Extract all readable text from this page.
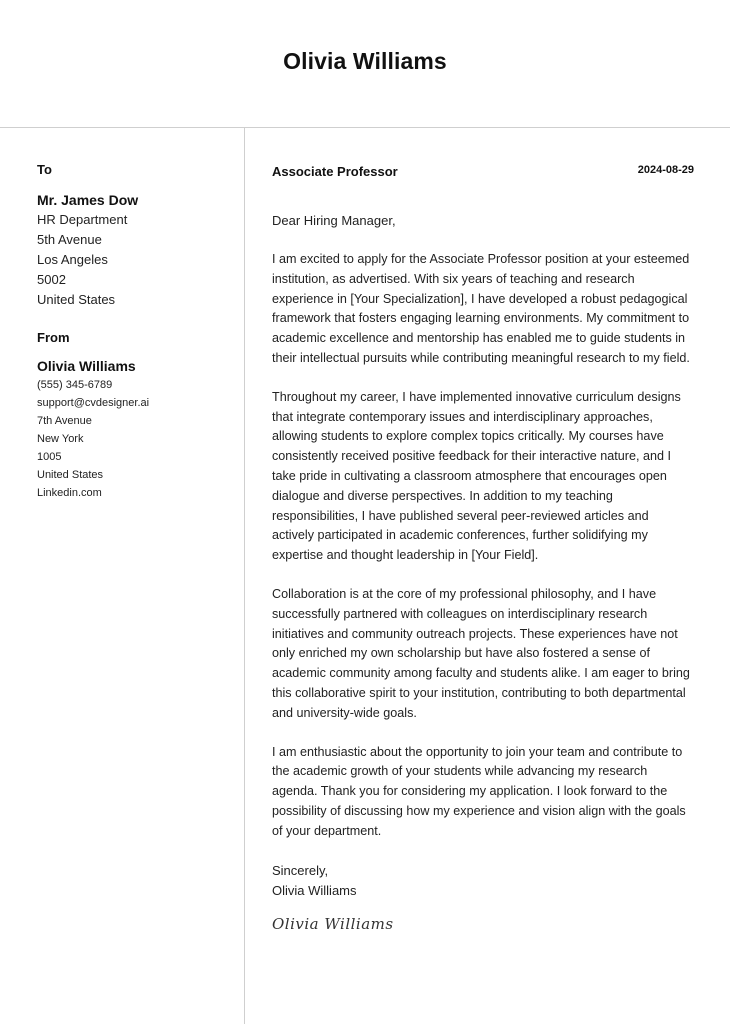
Olivia Williams
To
Mr. James Dow
HR Department
5th Avenue
Los Angeles
5002
United States
From
Olivia Williams
(555) 345-6789
support@cvdesigner.ai
7th Avenue
New York
1005
United States
Linkedin.com
Associate Professor	2024-08-29
Dear Hiring Manager,
I am excited to apply for the Associate Professor position at your esteemed institution, as advertised. With six years of teaching and research experience in [Your Specialization], I have developed a robust pedagogical framework that fosters engaging learning environments. My commitment to academic excellence and mentorship has enabled me to guide students in their intellectual pursuits while contributing meaningful research to my field.
Throughout my career, I have implemented innovative curriculum designs that integrate contemporary issues and interdisciplinary approaches, allowing students to explore complex topics critically. My courses have consistently received positive feedback for their interactive nature, and I take pride in cultivating a classroom atmosphere that encourages open dialogue and diverse perspectives. In addition to my teaching responsibilities, I have published several peer-reviewed articles and actively participated in academic conferences, further solidifying my expertise and thought leadership in [Your Field].
Collaboration is at the core of my professional philosophy, and I have successfully partnered with colleagues on interdisciplinary research initiatives and community outreach projects. These experiences have not only enriched my own scholarship but have also fostered a sense of academic community among faculty and students alike. I am eager to bring this collaborative spirit to your institution, contributing to both departmental and university-wide goals.
I am enthusiastic about the opportunity to join your team and contribute to the academic growth of your students while advancing my research agenda. Thank you for considering my application. I look forward to the possibility of discussing how my experience and vision align with the goals of your department.
Sincerely,
Olivia Williams
Olivia Williams
